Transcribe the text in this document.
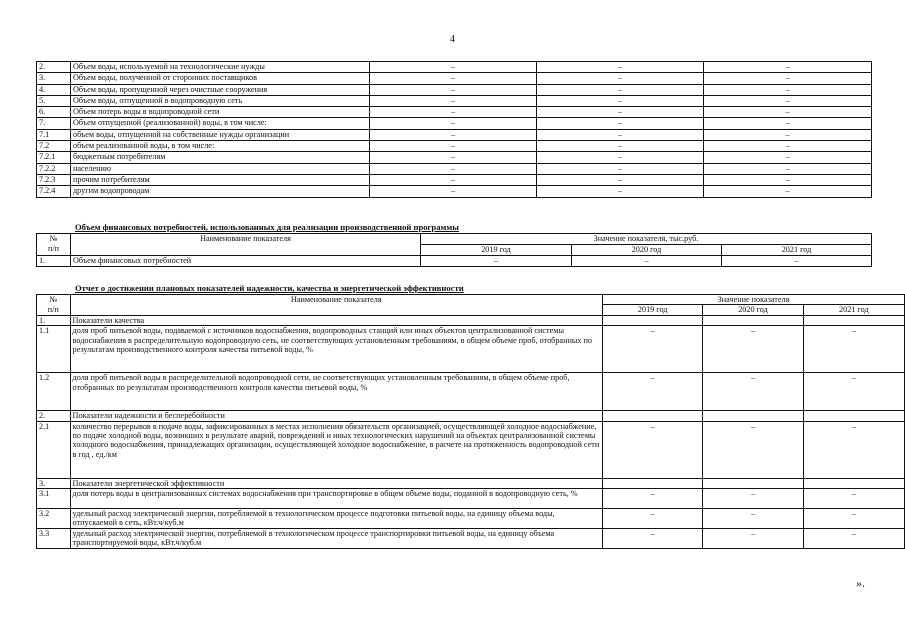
4
2.	Объем воды, используемой на технологические нужды	–	–	–
3.	Объем воды, полученной от сторонних поставщиков	–	–	–
4.	Объем воды, пропущенной через очистные сооружения	–	–	–
5.	Объем воды, отпущенной в водопроводную сеть	–	–	–
6.	Объем потерь воды в водопроводной сети	–	–	–
7.	Объем отпущенной (реализованной) воды, в том числе:	–	–	–
7.1	объем воды, отпущенной на собственные нужды организации	–	–	–
7.2	объем реализованной воды, в том числе:	–	–	–
7.2.1	бюджетным потребителям	–	–	–
7.2.2	населению	–	–	–
7.2.3	прочим потребителям	–	–	–
7.2.4	другим водопроводам	–	–	–
Объем финансовых потребностей, использованных для реализации производственной программы
№
п/п	Наименование показателя	Значение показателя, тыс.руб.		
		2019 год	2020 год	2021 год
1.	Объем финансовых потребностей	–	–	–
Отчет о достижении плановых показателей надежности, качества и энергетической эффективности
№
п/п	Наименование показателя	Значение показателя		
		2019 год	2020 год	2021 год
1.	Показатели качества			
1.1	доля проб питьевой воды, подаваемой с источников водоснабжения, водопроводных станций или иных объектов централизованной системы водоснабжения в распределительную водопроводную сеть, не соответствующих установленным требованиям, в общем объеме проб, отобранных по результатам производственного контроля качества питьевой воды, %	–	–	–
1.2	доля проб питьевой воды в распределительной водопроводной сети, не соответствующих установленным требованиям, в общем объеме проб, отобранных по результатам производственного контроля качества питьевой воды, %	–	–	–
2.	Показатели надежности и бесперебойности			
2.1	количество перерывов в подаче воды, зафиксированных в местах исполнения обязательств организацией, осуществляющей холодное водоснабжение, по подаче холодной воды, возникших в результате аварий, повреждений и иных технологических нарушений на объектах централизованной системы холодного водоснабжения, принадлежащих организации, осуществляющей холодное водоснабжение, в расчете на протяженность водопроводной сети в год , ед./км	–	–	–
3.	Показатели энергетической эффективности			
3.1	доля потерь воды в централизованных системах водоснабжения при транспортировке в общем объеме воды, поданной в водопроводную сеть, %	–	–	–
3.2	удельный расход электрической энергии, потребляемой в технологическом процессе подготовки питьевой воды, на единицу объема воды, отпускаемой в сеть, кВт.ч/куб.м	–	–	–
3.3	удельный расход электрической энергии, потребляемой в технологическом процессе транспортировки питьевой воды, на единицу объема транспортируемой воды, кВт.ч/куб.м	–	–	–
».
